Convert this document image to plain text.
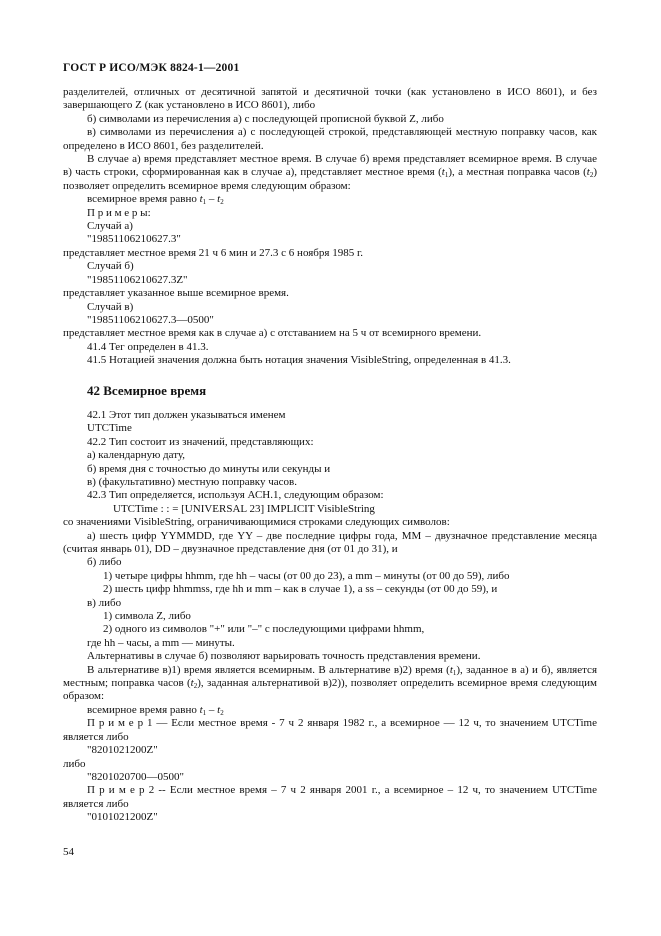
ГОСТ Р ИСО/МЭК 8824-1—2001

разделителей, отличных от десятичной запятой и десятичной точки (как установлено в ИСО 8601), и без завершающего Z (как установлено в ИСО 8601), либо

б) символами из перечисления а) с последующей прописной буквой Z, либо

в) символами из перечисления а) с последующей строкой, представляющей местную поправку часов, как определено в ИСО 8601, без разделителей.

В случае а) время представляет местное время. В случае б) время представляет всемирное время. В случае в) часть строки, сформированная как в случае а), представляет местное время $(t_1)$, а местная поправка часов $(t_2)$ позволяет определить всемирное время следующим образом:

всемирное время равно $t_1 - t_2$

П р и м е р ы:

Случай а)

"19851106210627.3"

представляет местное время 21 ч 6 мин и 27.3 с 6 ноября 1985 г.

Случай б)

"19851106210627.3Z"

представляет указанное выше всемирное время.

Случай в)

"19851106210627.3—0500"

представляет местное время как в случае а) с отставанием на 5 ч от всемирного времени.

41.4 Тег определен в 41.3.

41.5 Нотацией значения должна быть нотация значения VisibleString, определенная в 41.3.

42 Всемирное время

42.1 Этот тип должен указываться именем

UTCTime

42.2 Тип состоит из значений, представляющих:

а) календарную дату,

б) время дня с точностью до минуты или секунды и

в) (факультативно) местную поправку часов.

42.3 Тип определяется, используя АСН.1, следующим образом:

UTCTime : : = [UNIVERSAL 23] IMPLICIT VisibleString

со значениями VisibleString, ограничивающимися строками следующих символов:

а) шесть цифр YYMMDD, где YY – две последние цифры года, MM – двузначное представление месяца (считая январь 01), DD – двузначное представление дня (от 01 до 31), и

б) либо

1) четыре цифры hhmm, где hh – часы (от 00 до 23), а mm – минуты (от 00 до 59), либо

2) шесть цифр hhmmss, где hh и mm – как в случае 1), а ss – секунды (от 00 до 59), и

в) либо

1) символа Z, либо

2) одного из символов "+" или "–" с последующими цифрами hhmm,

где hh – часы, а mm — минуты.

Альтернативы в случае б) позволяют варьировать точность представления времени.

В альтернативе в)1) время является всемирным. В альтернативе в)2) время $(t_1)$, заданное в а) и б), является местным; поправка часов $(t_2)$, заданная альтернативой в)2)), позволяет определить всемирное время следующим образом:

всемирное время равно $t_1 - t_2$

П р и м е р 1 — Если местное время - 7 ч 2 января 1982 г., а всемирное — 12 ч, то значением UTCTime является либо

"8201021200Z"

либо

"8201020700—0500"

П р и м е р 2 -- Если местное время – 7 ч 2 января 2001 г., а всемирное – 12 ч, то значением UTCTime является либо

"0101021200Z"

54
